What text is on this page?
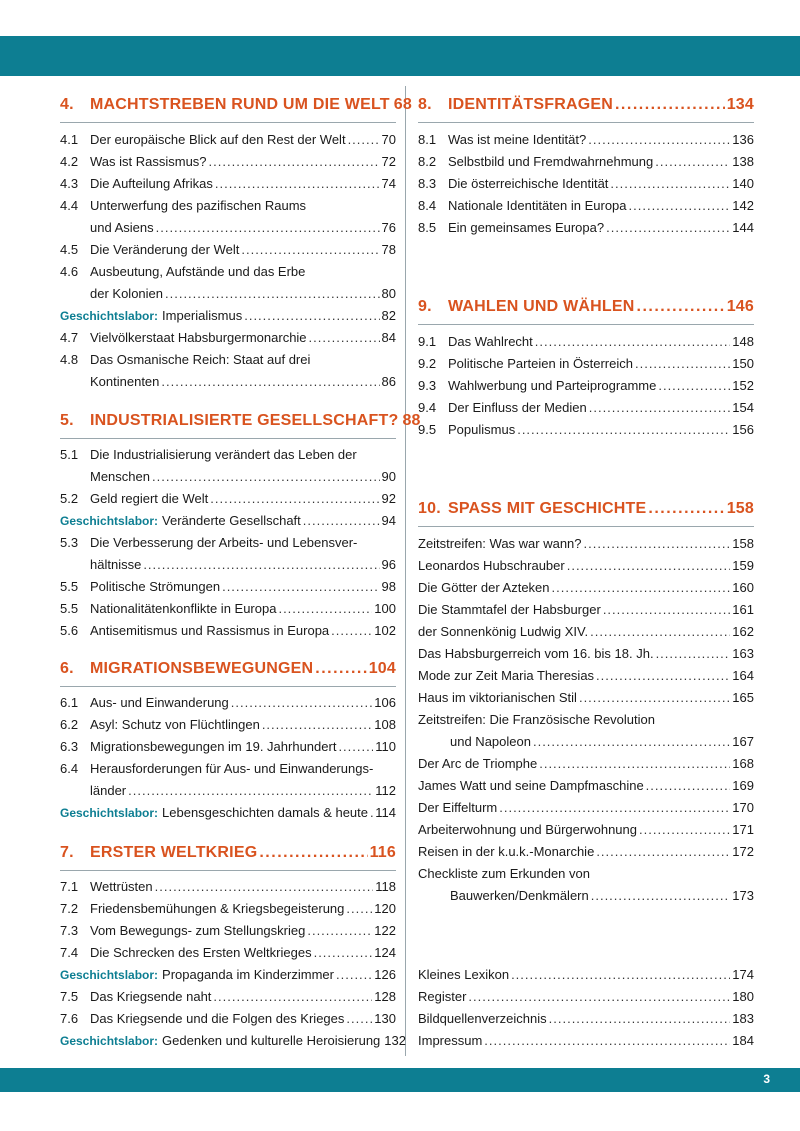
4.	MACHTSTREBEN RUND UM DIE WELT 68
4.1 Der europäische Blick auf den Rest der Welt .....	70
4.2 Was ist Rassismus? .....	72
4.3 Die Aufteilung Afrikas .....	74
4.4 Unterwerfung des pazifischen Raums
und Asiens .....	76
4.5 Die Veränderung der Welt .....	78
4.6 Ausbeutung, Aufstände und das Erbe
der Kolonien .....	80
Geschichtslabor: Imperialismus .....	82
4.7 Vielvölkerstaat Habsburgermonarchie .....	84
4.8 Das Osmanische Reich: Staat auf drei
Kontinenten .....	86
5.	INDUSTRIALISIERTE GESELLSCHAFT? 88
5.1 Die Industrialisierung verändert das Leben der
Menschen .....	90
5.2 Geld regiert die Welt .....	92
Geschichtslabor: Veränderte Gesellschaft .....	94
5.3 Die Verbesserung der Arbeits- und Lebensver-
hältnisse .....	96
5.5 Politische Strömungen .....	98
5.5 Nationalitätenkonflikte in Europa .....	100
5.6 Antisemitismus und Rassismus in Europa .....	102
6.	MIGRATIONSBEWEGUNGEN .....	104
6.1 Aus- und Einwanderung .....	106
6.2 Asyl: Schutz von Flüchtlingen .....	108
6.3 Migrationsbewegungen im 19. Jahrhundert .....	110
6.4 Herausforderungen für Aus- und Einwanderungs-
länder .....	112
Geschichtslabor: Lebensgeschichten damals & heute ..... 114
7.	ERSTER WELTKRIEG .....	116
7.1 Wettrüsten .....	118
7.2 Friedensbemühungen & Kriegsbegeisterung ..... 120
7.3 Vom Bewegungs- zum Stellungskrieg .....	122
7.4 Die Schrecken des Ersten Weltkrieges .....	124
Geschichtslabor: Propaganda im Kinderzimmer .....	126
7.5 Das Kriegsende naht .....	128
7.6 Das Kriegsende und die Folgen des Krieges ..... 130
Geschichtslabor: Gedenken und kulturelle Heroisierung 132
8.	IDENTITÄTSFRAGEN .....	134
8.1 Was ist meine Identität? .....	136
8.2 Selbstbild und Fremdwahrnehmung .....	138
8.3 Die österreichische Identität .....	140
8.4 Nationale Identitäten in Europa .....	142
8.5 Ein gemeinsames Europa? .....	144
9.	WAHLEN UND WÄHLEN .....	146
9.1 Das Wahlrecht .....	148
9.2 Politische Parteien in Österreich .....	150
9.3 Wahlwerbung und Parteiprogramme .....	152
9.4 Der Einfluss der Medien .....	154
9.5 Populismus .....	156
10. SPASS MIT GESCHICHTE .....	158
Zeitstreifen: Was war wann? .....	158
Leonardos Hubschrauber .....	159
Die Götter der Azteken .....	160
Die Stammtafel der Habsburger .....	161
der Sonnenkönig Ludwig XIV. .....	162
Das Habsburgerreich vom 16. bis 18. Jh. .....	163
Mode zur Zeit Maria Theresias .....	164
Haus im viktorianischen Stil .....	165
Zeitstreifen: Die Französische Revolution
und Napoleon .....	167
Der Arc de Triomphe .....	168
James Watt und seine Dampfmaschine .....	169
Der Eiffelturm .....	170
Arbeiterwohnung und Bürgerwohnung .....	171
Reisen in der k.u.k.-Monarchie .....	172
Checkliste zum Erkunden von
Bauwerken/Denkmälern .....	173
Kleines Lexikon .....	174
Register .....	180
Bildquellenverzeichnis .....	183
Impressum .....	184
3
